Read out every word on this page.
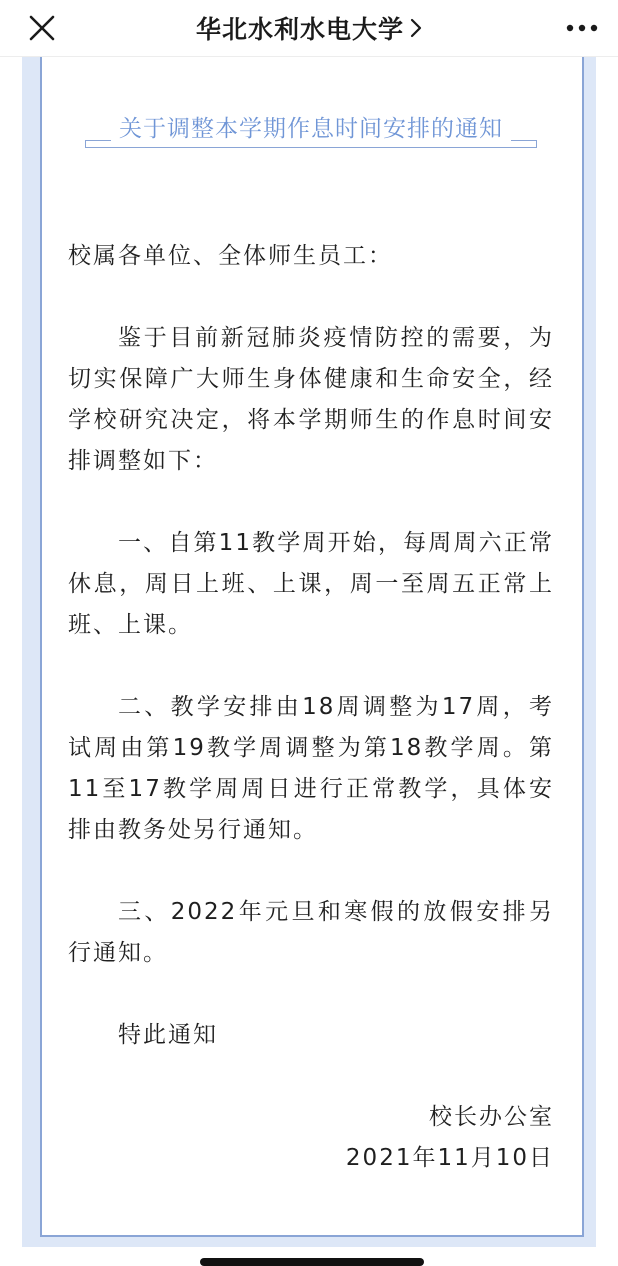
华北水利水电大学
关于调整本学期作息时间安排的通知

校属各单位、全体师生员工：

鉴于目前新冠肺炎疫情防控的需要，为切实保障广大师生身体健康和生命安全，经学校研究决定，将本学期师生的作息时间安排调整如下：

一、自第11教学周开始，每周周六正常休息，周日上班、上课，周一至周五正常上班、上课。

二、教学安排由18周调整为17周，考试周由第19教学周调整为第18教学周。第11至17教学周周日进行正常教学，具体安排由教务处另行通知。

三、2022年元旦和寒假的放假安排另行通知。

特此通知

校长办公室

2021年11月10日
